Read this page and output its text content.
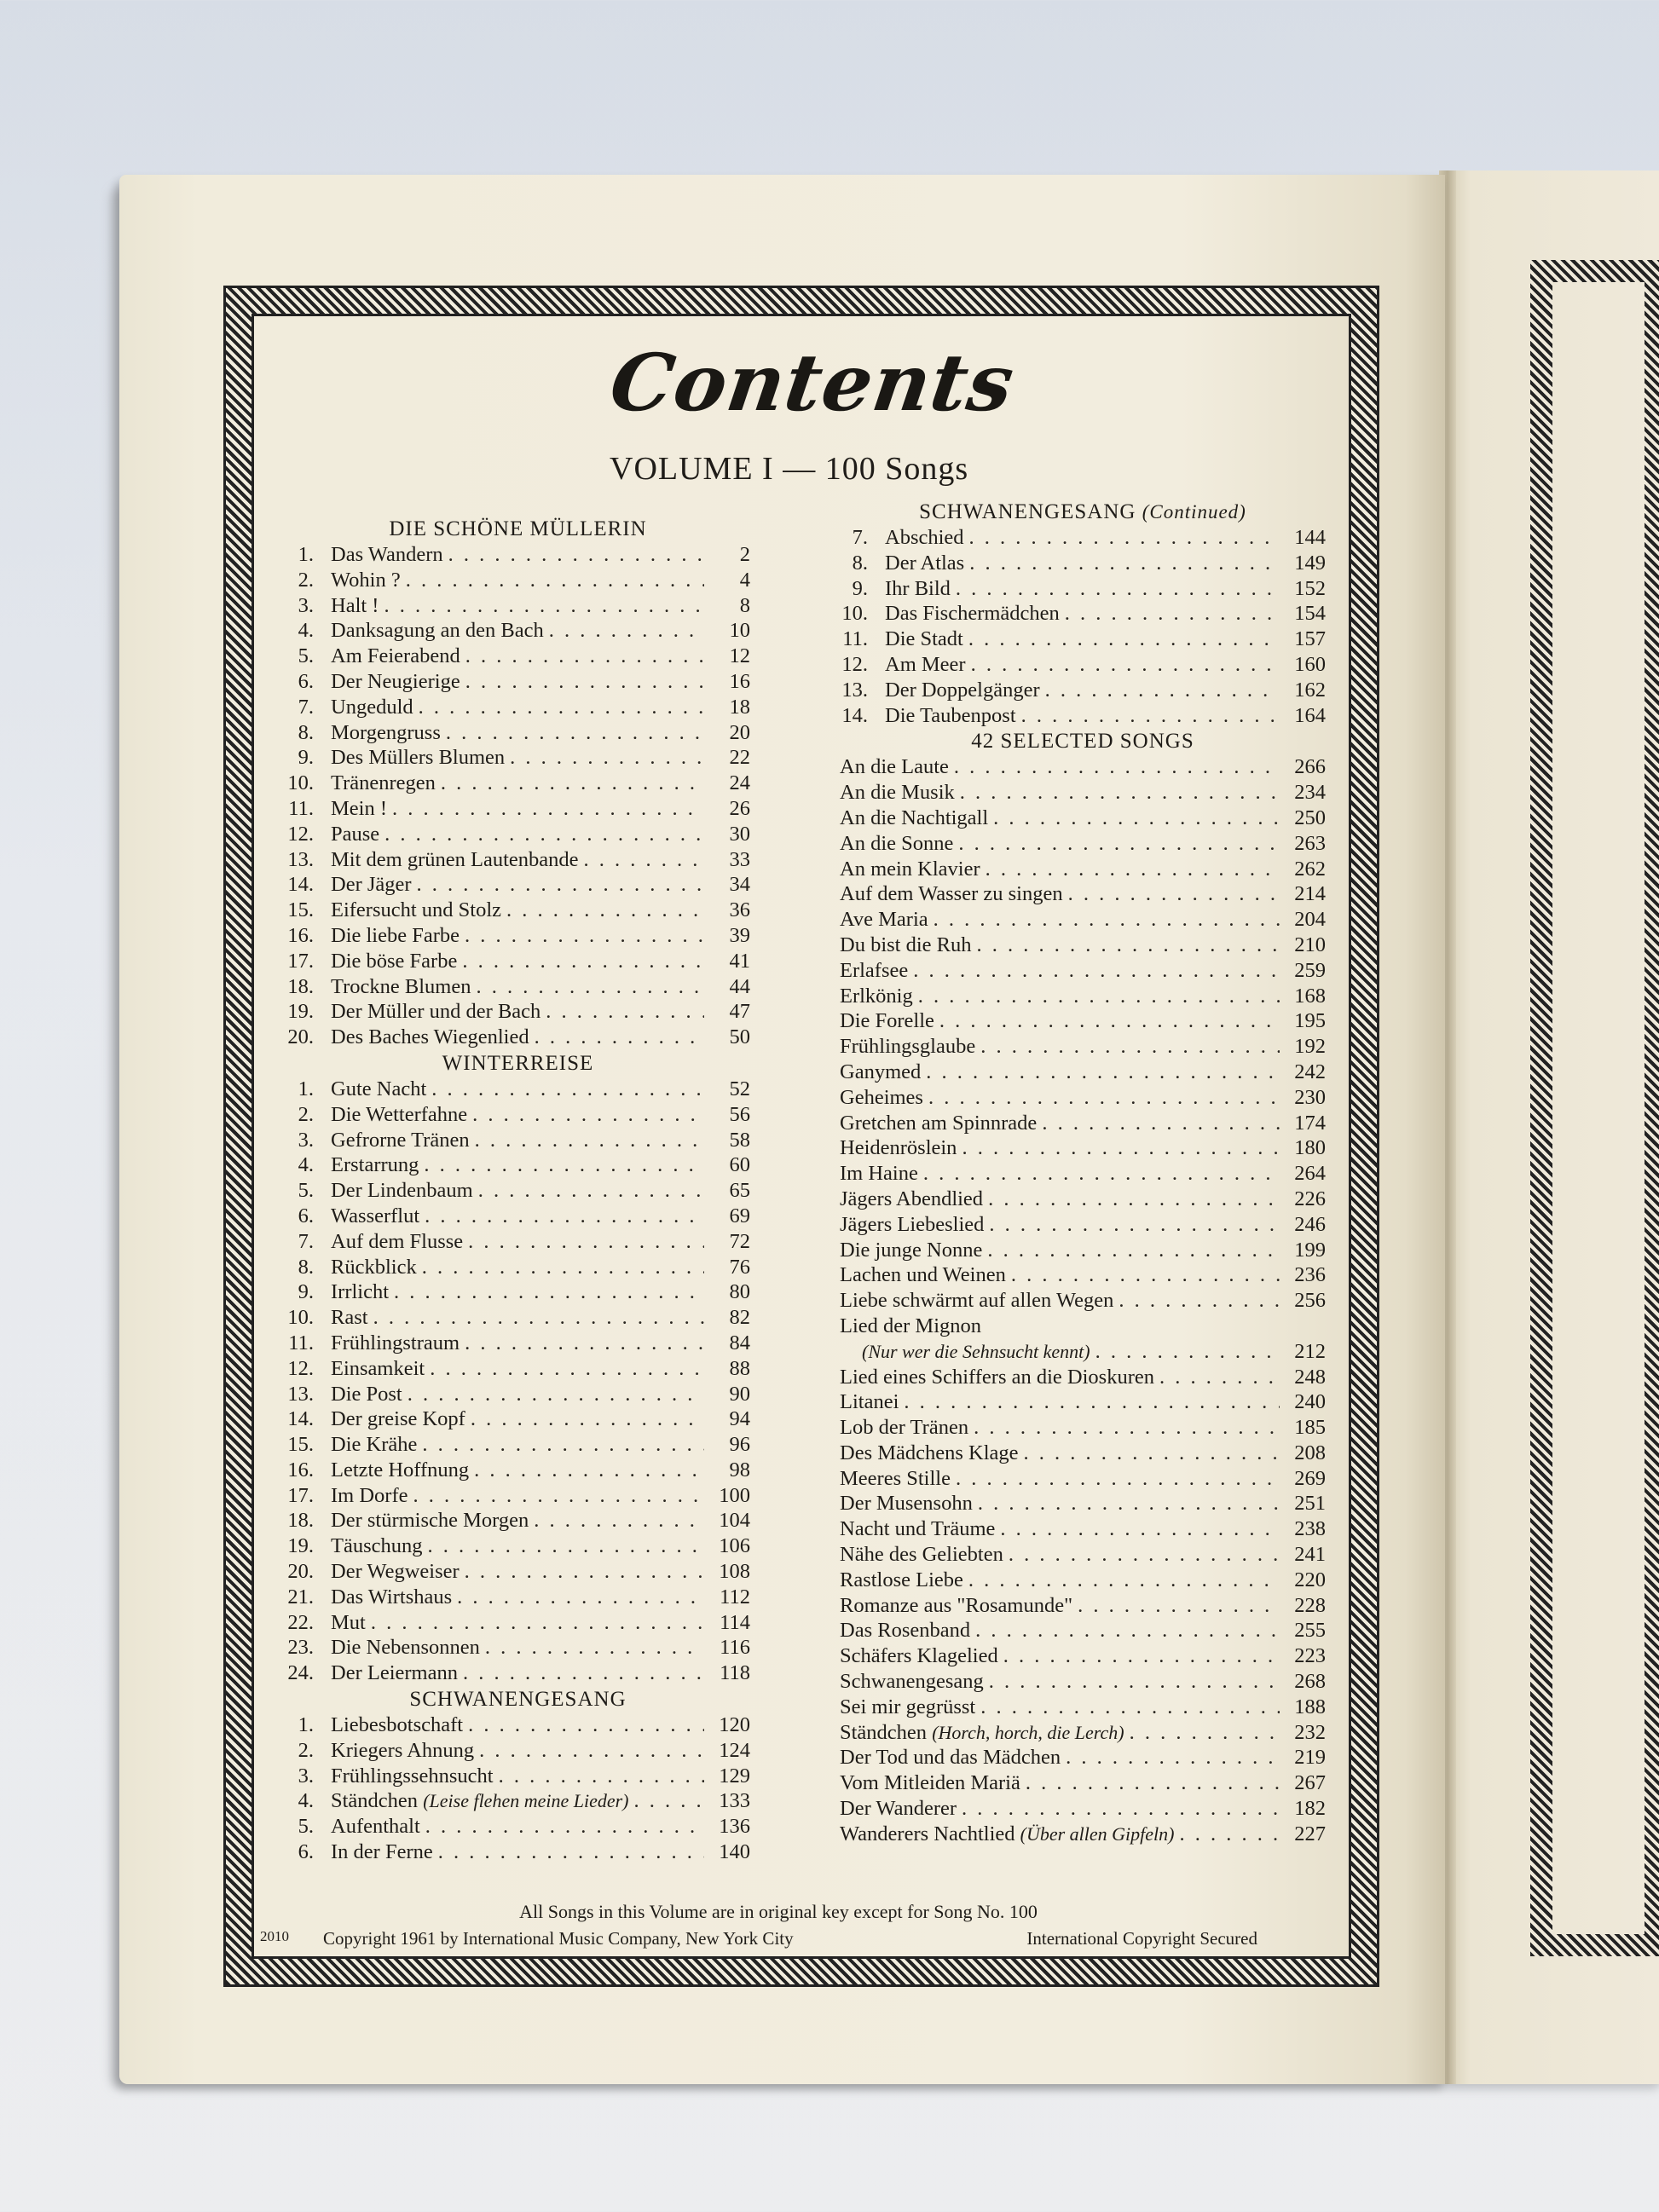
Contents
VOLUME I — 100 Songs
DIE SCHÖNE MÜLLERIN
1. Das Wandern . . .	2
2. Wohin ? . . .	4
3. Halt ! . . .	8
4. Danksagung an den Bach . . .	10
5. Am Feierabend . . .	12
6. Der Neugierige . . .	16
7. Ungeduld . . .	18
8. Morgengruss . . .	20
9. Des Müllers Blumen . . .	22
10. Tränenregen . . .	24
11. Mein ! . . .	26
12. Pause . . .	30
13. Mit dem grünen Lautenbande . . .	33
14. Der Jäger . . .	34
15. Eifersucht und Stolz . . .	36
16. Die liebe Farbe . . .	39
17. Die böse Farbe . . .	41
18. Trockne Blumen . . .	44
19. Der Müller und der Bach . . .	47
20. Des Baches Wiegenlied . . .	50
WINTERREISE
1. Gute Nacht . . .	52
2. Die Wetterfahne . . .	56
3. Gefrorne Tränen . . .	58
4. Erstarrung . . .	60
5. Der Lindenbaum . . .	65
6. Wasserflut . . .	69
7. Auf dem Flusse . . .	72
8. Rückblick . . .	76
9. Irrlicht . . .	80
10. Rast . . .	82
11. Frühlingstraum . . .	84
12. Einsamkeit . . .	88
13. Die Post . . .	90
14. Der greise Kopf . . .	94
15. Die Krähe . . .	96
16. Letzte Hoffnung . . .	98
17. Im Dorfe . . .	100
18. Der stürmische Morgen . . .	104
19. Täuschung . . .	106
20. Der Wegweiser . . .	108
21. Das Wirtshaus . . .	112
22. Mut . . .	114
23. Die Nebensonnen . . .	116
24. Der Leiermann . . .	118
SCHWANENGESANG
1. Liebesbotschaft . . .	120
2. Kriegers Ahnung . . .	124
3. Frühlingssehnsucht . . .	129
4. Ständchen (Leise flehen meine Lieder) . . .	133
5. Aufenthalt . . .	136
6. In der Ferne . . .	140
SCHWANENGESANG (Continued)
7. Abschied . . .	144
8. Der Atlas . . .	149
9. Ihr Bild . . .	152
10. Das Fischermädchen . . .	154
11. Die Stadt . . .	157
12. Am Meer . . .	160
13. Der Doppelgänger . . .	162
14. Die Taubenpost . . .	164
42 SELECTED SONGS
An die Laute . . .	266
An die Musik . . .	234
An die Nachtigall . . .	250
An die Sonne . . .	263
An mein Klavier . . .	262
Auf dem Wasser zu singen . . .	214
Ave Maria . . .	204
Du bist die Ruh . . .	210
Erlafsee . . .	259
Erlkönig . . .	168
Die Forelle . . .	195
Frühlingsglaube . . .	192
Ganymed . . .	242
Geheimes . . .	230
Gretchen am Spinnrade . . .	174
Heidenröslein . . .	180
Im Haine . . .	264
Jägers Abendlied . . .	226
Jägers Liebeslied . . .	246
Die junge Nonne . . .	199
Lachen und Weinen . . .	236
Liebe schwärmt auf allen Wegen . . .	256
Lied der Mignon
(Nur wer die Sehnsucht kennt) . . .	212
Lied eines Schiffers an die Dioskuren . . .	248
Litanei . . .	240
Lob der Tränen . . .	185
Des Mädchens Klage . . .	208
Meeres Stille . . .	269
Der Musensohn . . .	251
Nacht und Träume . . .	238
Nähe des Geliebten . . .	241
Rastlose Liebe . . .	220
Romanze aus "Rosamunde" . . .	228
Das Rosenband . . .	255
Schäfers Klagelied . . .	223
Schwanengesang . . .	268
Sei mir gegrüsst . . .	188
Ständchen (Horch, horch, die Lerch) . . .	232
Der Tod und das Mädchen . . .	219
Vom Mitleiden Mariä . . .	267
Der Wanderer . . .	182
Wanderers Nachtlied (Über allen Gipfeln) . . .	227
All Songs in this Volume are in original key except for Song No. 100
2010 Copyright 1961 by International Music Company, New York City	International Copyright Secured
